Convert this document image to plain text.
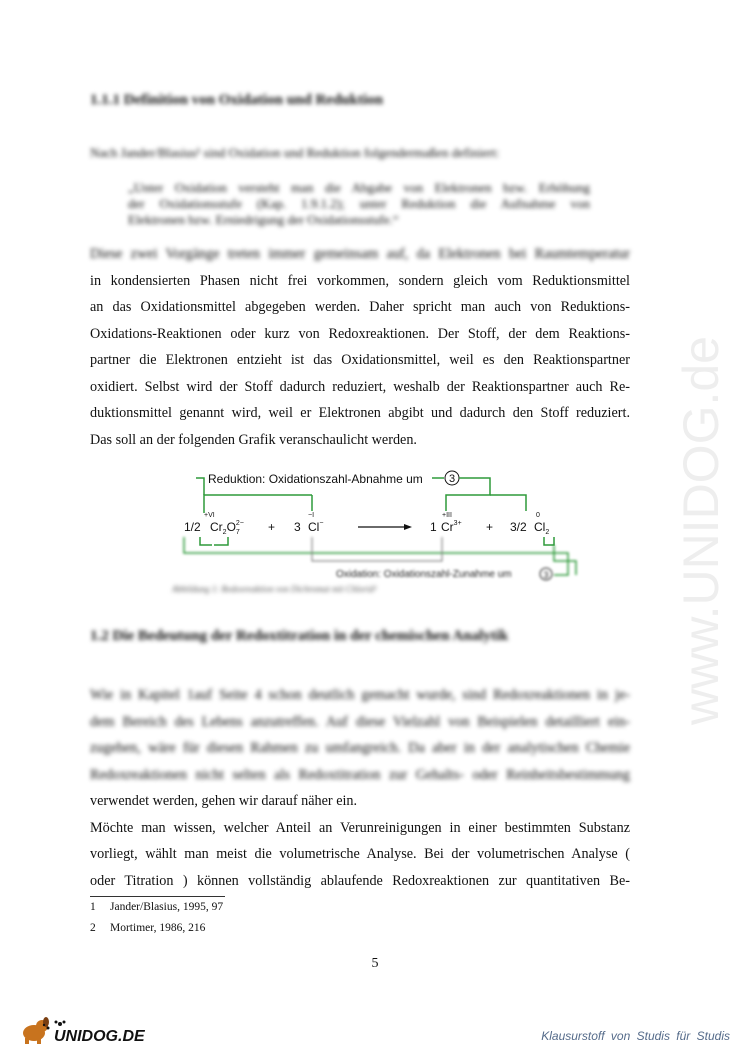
1.1.1 Definition von Oxidation und Reduktion
Nach Jander/Blasius¹ sind Oxidation und Reduktion folgendermaßen definiert:
„Unter Oxidation versteht man die Abgabe von Elektronen bzw. Erhöhung
der Oxidationsstufe (Kap. 1.9.1.2); unter Reduktion die Aufnahme von
Elektronen bzw. Erniedrigung der Oxidationsstufe.“
Diese zwei Vorgänge treten immer gemeinsam auf, da Elektronen bei Raumtemperatur
in kondensierten Phasen nicht frei vorkommen, sondern gleich vom Reduktionsmittel
an das Oxidationsmittel abgegeben werden. Daher spricht man auch von Reduktions-
Oxidations-Reaktionen oder kurz von Redoxreaktionen. Der Stoff, der dem Reaktions-
partner die Elektronen entzieht ist das Oxidationsmittel, weil es den Reaktionspartner
oxidiert. Selbst wird der Stoff dadurch reduziert, weshalb der Reaktionspartner auch Re-
duktionsmittel genannt wird, weil er Elektronen abgibt und dadurch den Stoff reduziert.
Das soll an der folgenden Grafik veranschaulicht werden.
Reduktion: Oxidationszahl-Abnahme um 3
+VI	−I	+III	0
1/2 $Cr_2O_72- + 3$ Cl−	1 $Cr^{3+} + 3/2$ $Cl_2$
Oxidation: Oxidationszahl-Zunahme um	3
Abbildung 1: Redoxreaktion von Dichromat mit Chlorid²
1.2 Die Bedeutung der Redoxtitration in der chemischen Analytik
Wie in Kapitel 1auf Seite 4 schon deutlich gemacht wurde, sind Redoxreaktionen in je-
dem Bereich des Lebens anzutreffen. Auf diese Vielzahl von Beispielen detailliert ein-
zugehen, wäre für diesen Rahmen zu umfangreich. Da aber in der analytischen Chemie
Redoxreaktionen nicht selten als Redoxtitration zur Gehalts- oder Reinheitsbestimmung
verwendet werden, gehen wir darauf näher ein.
Möchte man wissen, welcher Anteil an Verunreinigungen in einer bestimmten Substanz
vorliegt, wählt man meist die volumetrische Analyse. Bei der volumetrischen Analyse (
oder Titration ) können vollständig ablaufende Redoxreaktionen zur quantitativen Be-
1 Jander/Blasius, 1995, 97
2 Mortimer, 1986, 216
5
www.UNIDOG.de
UNIDOG.DE	Klausurstoff von Studis für Studis
